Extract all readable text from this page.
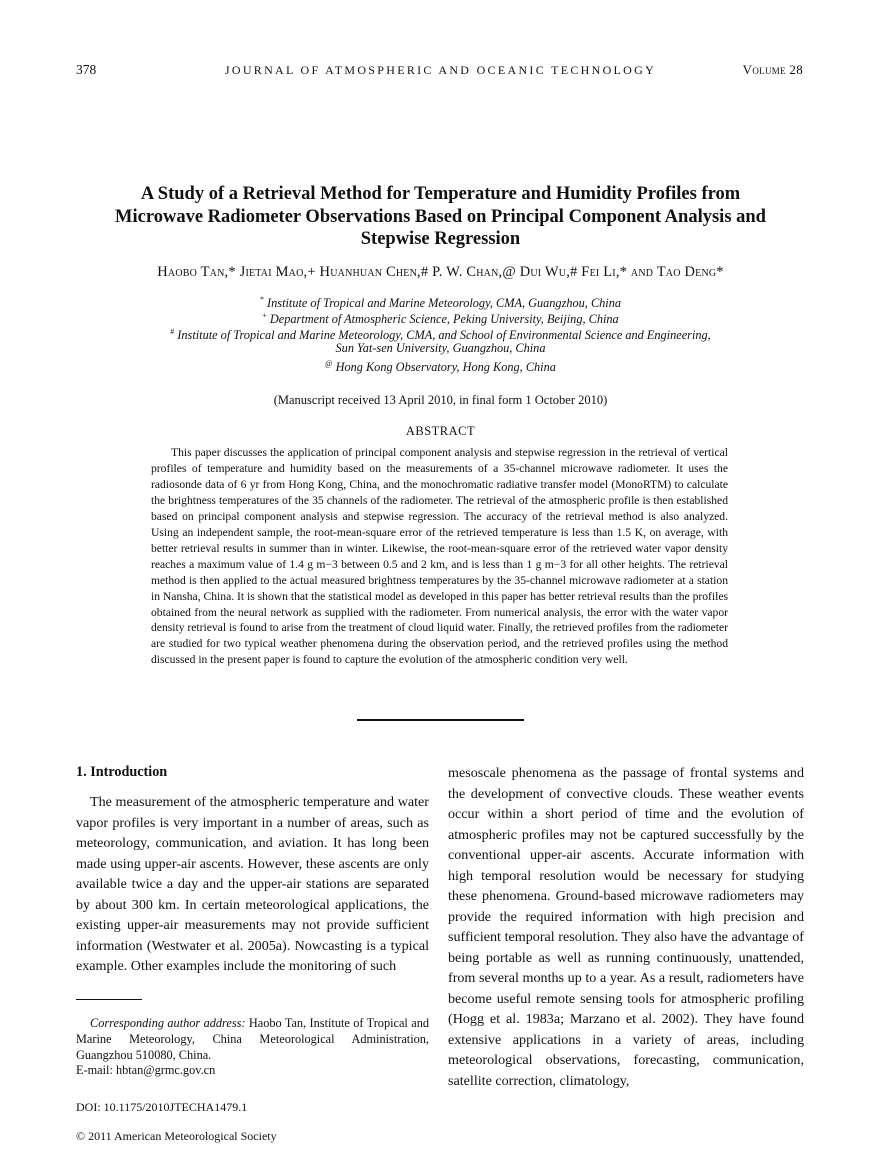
378	JOURNAL OF ATMOSPHERIC AND OCEANIC TECHNOLOGY	Volume 28
A Study of a Retrieval Method for Temperature and Humidity Profiles from Microwave Radiometer Observations Based on Principal Component Analysis and Stepwise Regression
Haobo Tan,* Jietai Mao,+ Huanhuan Chen,# P. W. Chan,@ Dui Wu,# Fei Li,* and Tao Deng*
* Institute of Tropical and Marine Meteorology, CMA, Guangzhou, China
+ Department of Atmospheric Science, Peking University, Beijing, China
# Institute of Tropical and Marine Meteorology, CMA, and School of Environmental Science and Engineering,
Sun Yat-sen University, Guangzhou, China
@ Hong Kong Observatory, Hong Kong, China
(Manuscript received 13 April 2010, in final form 1 October 2010)
ABSTRACT
This paper discusses the application of principal component analysis and stepwise regression in the retrieval of vertical profiles of temperature and humidity based on the measurements of a 35-channel microwave radiometer. It uses the radiosonde data of 6 yr from Hong Kong, China, and the monochromatic radiative transfer model (MonoRTM) to calculate the brightness temperatures of the 35 channels of the radiometer. The retrieval of the atmospheric profile is then established based on principal component analysis and stepwise regression. The accuracy of the retrieval method is also analyzed. Using an independent sample, the root-mean-square error of the retrieved temperature is less than 1.5 K, on average, with better retrieval results in summer than in winter. Likewise, the root-mean-square error of the retrieved water vapor density reaches a maximum value of 1.4 g m−3 between 0.5 and 2 km, and is less than 1 g m−3 for all other heights. The retrieval method is then applied to the actual measured brightness temperatures by the 35-channel microwave radiometer at a station in Nansha, China. It is shown that the statistical model as developed in this paper has better retrieval results than the profiles obtained from the neural network as supplied with the radiometer. From numerical analysis, the error with the water vapor density retrieval is found to arise from the treatment of cloud liquid water. Finally, the retrieved profiles from the radiometer are studied for two typical weather phenomena during the observation period, and the retrieved profiles using the method discussed in the present paper is found to capture the evolution of the atmospheric condition very well.
1. Introduction
The measurement of the atmospheric temperature and water vapor profiles is very important in a number of areas, such as meteorology, communication, and aviation. It has long been made using upper-air ascents. However, these ascents are only available twice a day and the upper-air stations are separated by about 300 km. In certain meteorological applications, the existing upper-air measurements may not provide sufficient information (Westwater et al. 2005a). Nowcasting is a typical example. Other examples include the monitoring of such
mesoscale phenomena as the passage of frontal systems and the development of convective clouds. These weather events occur within a short period of time and the evolution of atmospheric profiles may not be captured successfully by the conventional upper-air ascents. Accurate information with high temporal resolution would be necessary for studying these phenomena. Ground-based microwave radiometers may provide the required information with high precision and sufficient temporal resolution. They also have the advantage of being portable as well as running continuously, unattended, from several months up to a year. As a result, radiometers have become useful remote sensing tools for atmospheric profiling (Hogg et al. 1983a; Marzano et al. 2002). They have found extensive applications in a variety of areas, including meteorological observations, forecasting, communication, satellite correction, climatology,
Corresponding author address: Haobo Tan, Institute of Tropical and Marine Meteorology, China Meteorological Administration, Guangzhou 510080, China.
E-mail: hbtan@grmc.gov.cn
DOI: 10.1175/2010JTECHA1479.1
© 2011 American Meteorological Society
